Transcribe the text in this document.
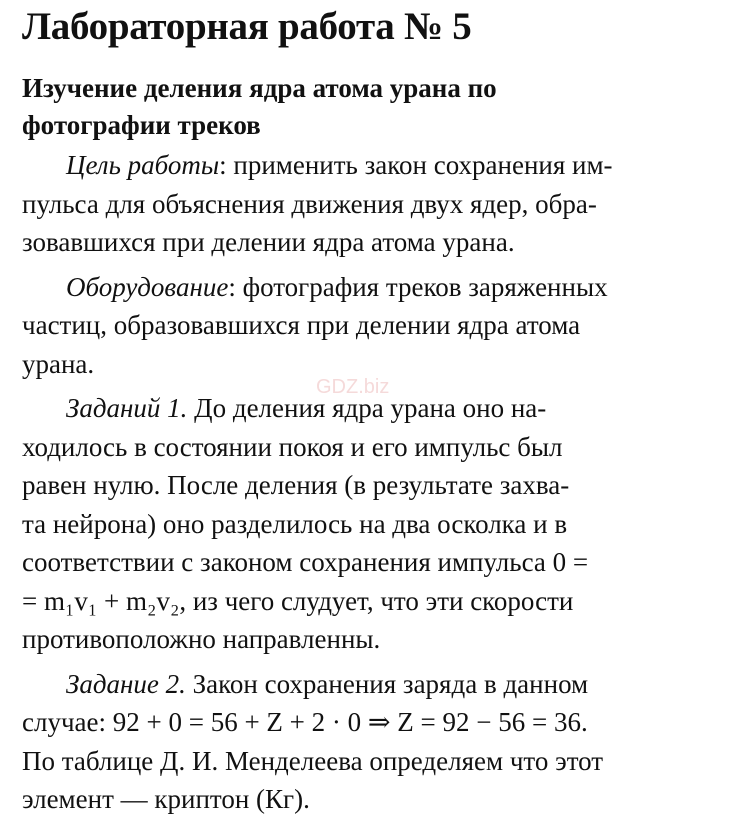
Лабораторная работа № 5
Изучение деления ядра атома урана по
фотографии треков
Цель работы: применить закон сохранения им-
пульса для объяснения движения двух ядер, обра-
зовавшихся при делении ядра атома урана.
Оборудование: фотография треков заряженных
частиц, образовавшихся при делении ядра атома
урана.
Заданий 1. До деления ядра урана оно на-
ходилось в состоянии покоя и его импульс был
равен нулю. После деления (в результате захва-
та нейрона) оно разделилось на два осколка и в
соответствии с законом сохранения импульса 0 =
= m₁v₁ + m₂v₂, из чего слудует, что эти скорости
противоположно направленны.
Задание 2. Закон сохранения заряда в данном
случае: 92 + 0 = 56 + Z + 2 · 0 ⇒ Z = 92 − 56 = 36.
По таблице Д. И. Менделеева определяем что этот
элемент — криптон (Кг).
GDZ.biz
